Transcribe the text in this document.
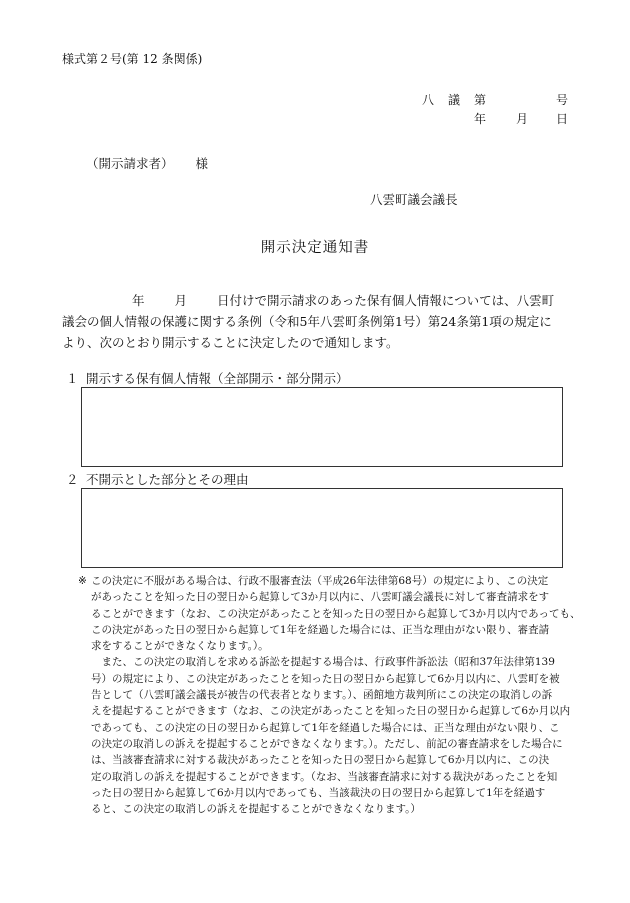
様式第２号(第 12 条関係)
八 議 第	号
年 月 日
（開示請求者） 様
八雲町議会議長
開示決定通知書
年 月 日付けで開示請求のあった保有個人情報については、八雲町
議会の個人情報の保護に関する条例（令和5年八雲町条例第1号）第24条第1項の規定に
より、次のとおり開示することに決定したので通知します。
１ 開示する保有個人情報（全部開示・部分開示）
２ 不開示とした部分とその理由
※ この決定に不服がある場合は、行政不服審査法（平成26年法律第68号）の規定により、この決定
があったことを知った日の翌日から起算して3か月以内に、八雲町議会議長に対して審査請求をす
ることができます（なお、この決定があったことを知った日の翌日から起算して3か月以内であっても、
この決定があった日の翌日から起算して1年を経過した場合には、正当な理由がない限り、審査請
求をすることができなくなります。）。
　また、この決定の取消しを求める訴訟を提起する場合は、行政事件訴訟法（昭和37年法律第139
号）の規定により、この決定があったことを知った日の翌日から起算して6か月以内に、八雲町を被
告として（八雲町議会議長が被告の代表者となります。）、函館地方裁判所にこの決定の取消しの訴
えを提起することができます（なお、この決定があったことを知った日の翌日から起算して6か月以内
であっても、この決定の日の翌日から起算して1年を経過した場合には、正当な理由がない限り、こ
の決定の取消しの訴えを提起することができなくなります。）。ただし、前記の審査請求をした場合に
は、当該審査請求に対する裁決があったことを知った日の翌日から起算して6か月以内に、この決
定の取消しの訴えを提起することができます。（なお、当該審査請求に対する裁決があったことを知
った日の翌日から起算して6か月以内であっても、当該裁決の日の翌日から起算して1年を経過す
ると、この決定の取消しの訴えを提起することができなくなります。）
